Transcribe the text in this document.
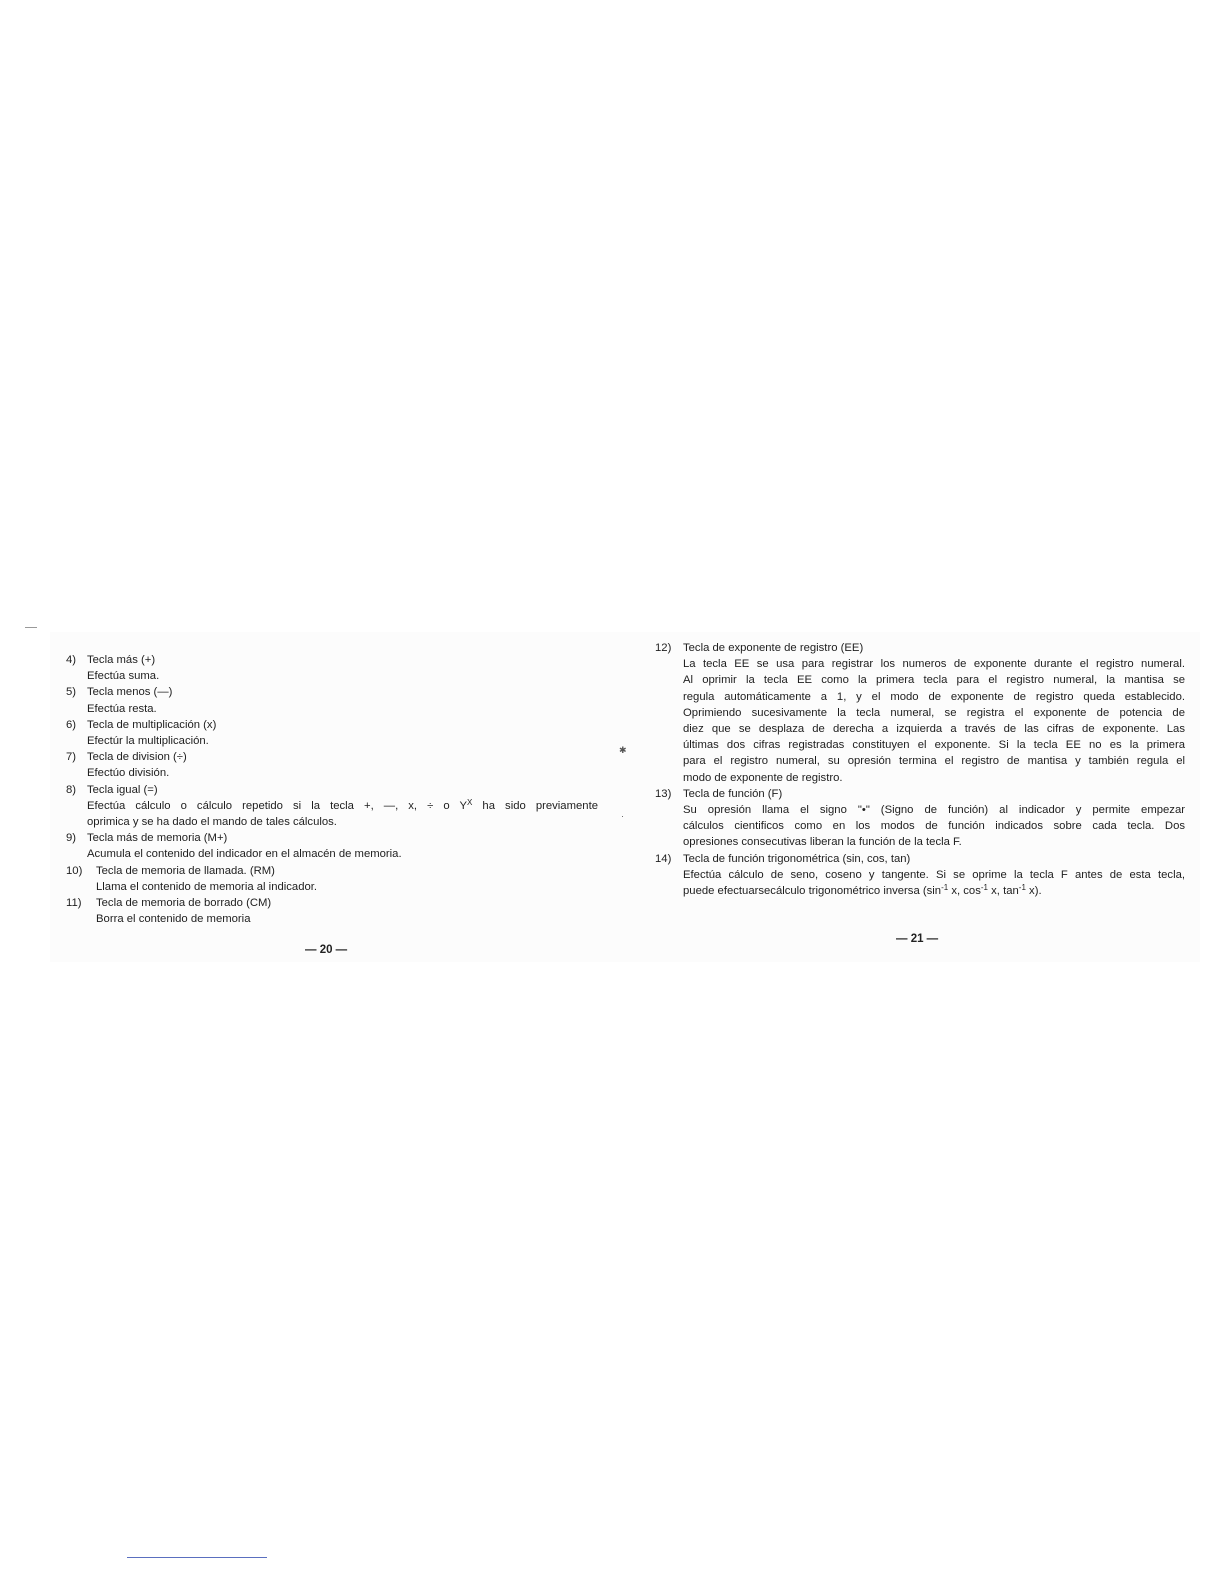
4) Tecla más (+)
Efectúa suma.
5) Tecla menos (—)
Efectúa resta.
6) Tecla de multiplicación (x)
Efectúr la multiplicación.
7) Tecla de division (÷)
Efectúo división.
8) Tecla igual (=)
Efectúa cálculo o cálculo repetido si la tecla +, —, x, ÷ o $Y^X$ ha sido previamente
oprimica y se ha dado el mando de tales cálculos.
9) Tecla más de memoria (M+)
Acumula el contenido del indicador en el almacén de memoria.
10)	Tecla de memoria de llamada. (RM)
Llama el contenido de memoria al indicador.
11)	Tecla de memoria de borrado (CM)
Borra el contenido de memoria
— 20 —
✱
·
12)	Tecla de exponente de registro (EE)
La tecla EE se usa para registrar los numeros de exponente durante el registro numeral.
Al oprimir la tecla EE como la primera tecla para el registro numeral, la mantisa se
regula automáticamente a 1, y el modo de exponente de registro queda establecido.
Oprimiendo sucesivamente la tecla numeral, se registra el exponente de potencia de
diez que se desplaza de derecha a izquierda a través de las cifras de exponente. Las
últimas dos cifras registradas constituyen el exponente. Si la tecla EE no es la primera
para el registro numeral, su opresión termina el registro de mantisa y también regula el
modo de exponente de registro.
13)	Tecla de función (F)
Su opresión llama el signo "•" (Signo de función) al indicador y permite empezar
cálculos cientificos como en los modos de función indicados sobre cada tecla. Dos
opresiones consecutivas liberan la función de la tecla F.
14)	Tecla de función trigonométrica (sin, cos, tan)
Efectúa cálculo de seno, coseno y tangente. Si se oprime la tecla F antes de esta tecla,
puede efectuarsecálculo trigonométrico inversa ($\sin^{-1}$ x, $\cos^{-1} x$, $\tan^{-1} x$).
— 21 —
